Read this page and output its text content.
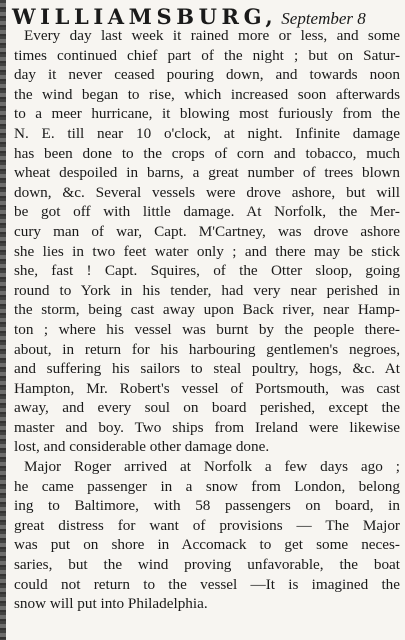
WILLIAMSBURG, September 8
Every day last week it rained more or less, and some
times continued chief part of the night ; but on Satur-
day it never ceased pouring down, and towards noon
the wind began to rise, which increased soon afterwards
to a meer hurricane, it blowing most furiously from the
N. E. till near 10 o'clock, at night. Infinite damage
has been done to the crops of corn and tobacco, much
wheat despoiled in barns, a great number of trees blown
down, &c. Several vessels were drove ashore, but will
be got off with little damage. At Norfolk, the Mer-
cury man of war, Capt. M'Cartney, was drove ashore
she lies in two feet water only ; and there may be stick
she, fast ! Capt. Squires, of the Otter sloop, going
round to York in his tender, had very near perished in
the storm, being cast away upon Back river, near Hamp-
ton ; where his vessel was burnt by the people there-
about, in return for his harbouring gentlemen's negroes,
and suffering his sailors to steal poultry, hogs, &c. At
Hampton, Mr. Robert's vessel of Portsmouth, was cast
away, and every soul on board perished, except the
master and boy. Two ships from Ireland were likewise
lost, and considerable other damage done.
Major Roger arrived at Norfolk a few days ago ;
he came passenger in a snow from London, belong
ing to Baltimore, with 58 passengers on board, in
great distress for want of provisions — The Major
was put on shore in Accomack to get some neces-
saries, but the wind proving unfavorable, the boat
could not return to the vessel —It is imagined the
snow will put into Philadelphia.
